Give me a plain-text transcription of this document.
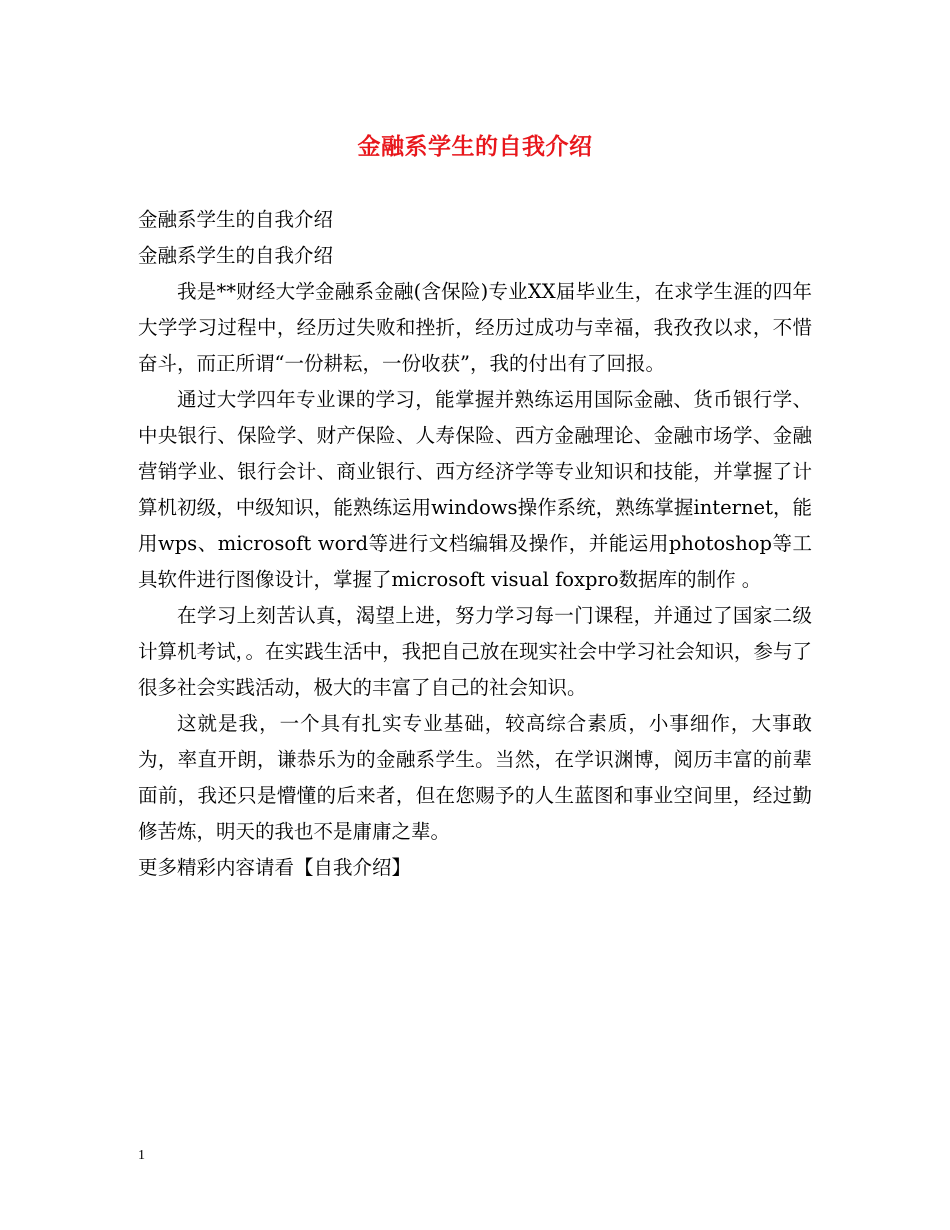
金融系学生的自我介绍

金融系学生的自我介绍

金融系学生的自我介绍

我是**财经大学金融系金融(含保险)专业XX届毕业生，在求学生涯的四年大学学习过程中，经历过失败和挫折，经历过成功与幸福，我孜孜以求，不惜奋斗，而正所谓“一份耕耘，一份收获”，我的付出有了回报。

通过大学四年专业课的学习，能掌握并熟练运用国际金融、货币银行学、中央银行、保险学、财产保险、人寿保险、西方金融理论、金融市场学、金融营销学业、银行会计、商业银行、西方经济学等专业知识和技能，并掌握了计算机初级，中级知识，能熟练运用windows操作系统，熟练掌握internet，能用wps、microsoft word等进行文档编辑及操作，并能运用photoshop等工具软件进行图像设计，掌握了microsoft visual foxpro数据库的制作 。

在学习上刻苦认真，渴望上进，努力学习每一门课程，并通过了国家二级计算机考试，。在实践生活中，我把自己放在现实社会中学习社会知识，参与了很多社会实践活动，极大的丰富了自己的社会知识。

这就是我，一个具有扎实专业基础，较高综合素质，小事细作，大事敢为，率直开朗，谦恭乐为的金融系学生。当然，在学识渊博，阅历丰富的前辈面前，我还只是懵懂的后来者，但在您赐予的人生蓝图和事业空间里，经过勤修苦炼，明天的我也不是庸庸之辈。

更多精彩内容请看【自我介绍】

1
